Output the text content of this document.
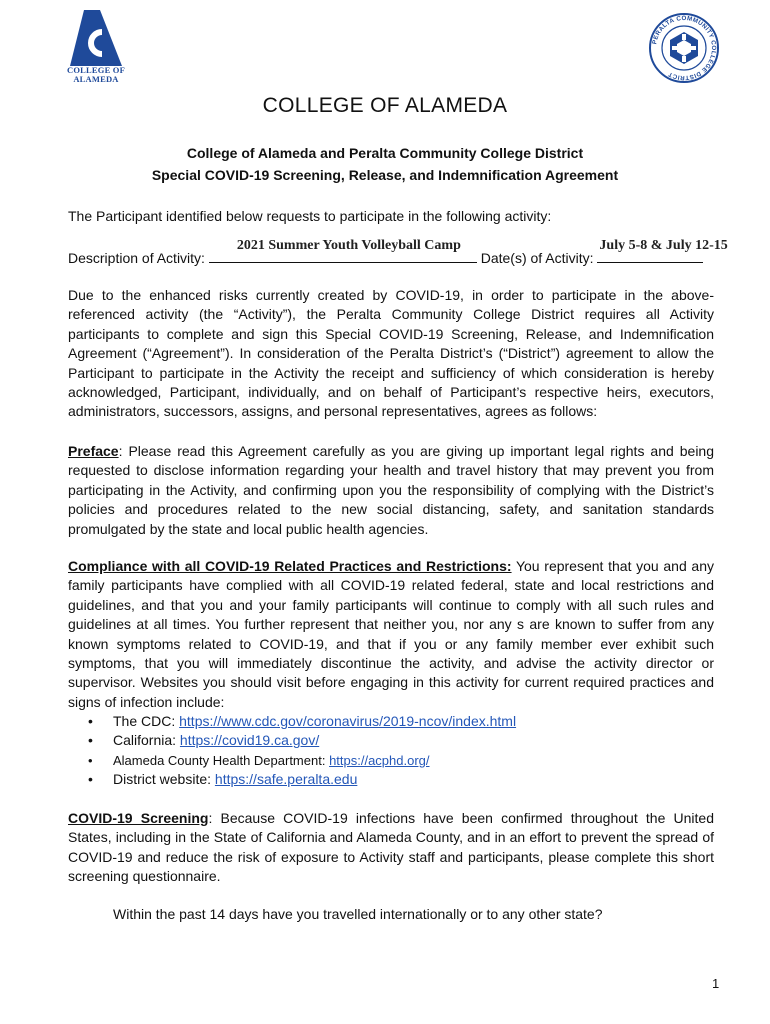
COLLEGE OF
ALAMEDA
PERALTA COMMUNITY COLLEGE DISTRICT
COLLEGE OF ALAMEDA
College of Alameda and Peralta Community College District
Special COVID-19 Screening, Release, and Indemnification Agreement
The Participant identified below requests to participate in the following activity:
Description of Activity:
2021 Summer Youth Volleyball Camp
Date(s) of Activity:
July 5-8 & July 12-15
Due to the enhanced risks currently created by COVID-19, in order to participate in the above-referenced activity (the “Activity”), the Peralta Community College District requires all Activity participants to complete and sign this Special COVID-19 Screening, Release, and Indemnification Agreement (“Agreement”). In consideration of the Peralta District’s (“District”) agreement to allow the Participant to participate in the Activity the receipt and sufficiency of which consideration is hereby acknowledged, Participant, individually, and on behalf of Participant’s respective heirs, executors, administrators, successors, assigns, and personal representatives, agrees as follows:
Preface: Please read this Agreement carefully as you are giving up important legal rights and being requested to disclose information regarding your health and travel history that may prevent you from participating in the Activity, and confirming upon you the responsibility of complying with the District’s policies and procedures related to the new social distancing, safety, and sanitation standards promulgated by the state and local public health agencies.
Compliance with all COVID-19 Related Practices and Restrictions: You represent that you and any family participants have complied with all COVID-19 related federal, state and local restrictions and guidelines, and that you and your family participants will continue to comply with all such rules and guidelines at all times. You further represent that neither you, nor any s are known to suffer from any known symptoms related to COVID-19, and that if you or any family member ever exhibit such symptoms, that you will immediately discontinue the activity, and advise the activity director or supervisor. Websites you should visit before engaging in this activity for current required practices and signs of infection include:
• The CDC: https://www.cdc.gov/coronavirus/2019-ncov/index.html
• California: https://covid19.ca.gov/
• Alameda County Health Department: https://acphd.org/
• District website: https://safe.peralta.edu
COVID-19 Screening: Because COVID-19 infections have been confirmed throughout the United States, including in the State of California and Alameda County, and in an effort to prevent the spread of COVID-19 and reduce the risk of exposure to Activity staff and participants, please complete this short screening questionnaire.
Within the past 14 days have you travelled internationally or to any other state?
1
